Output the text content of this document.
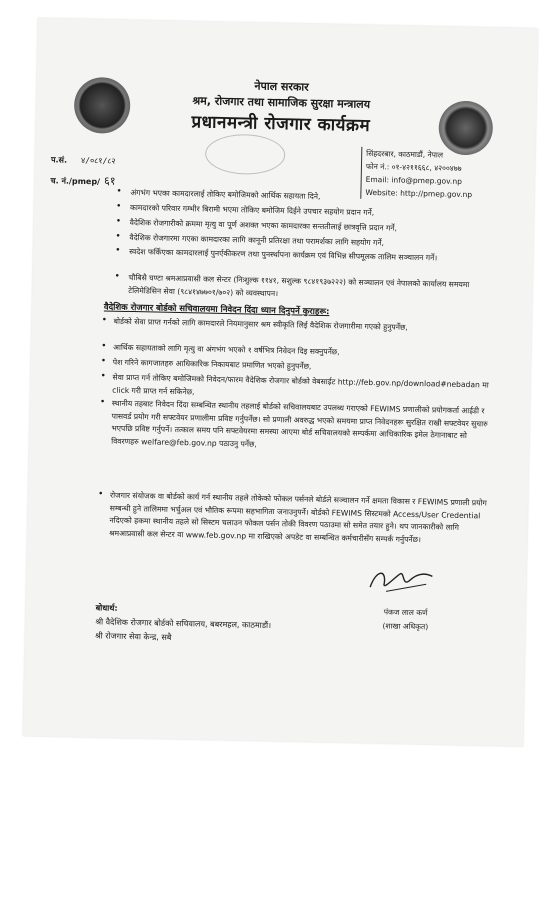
नेपाल सरकार
श्रम, रोजगार तथा सामाजिक सुरक्षा मन्त्रालय
प्रधानमन्त्री रोजगार कार्यक्रम
सिंहदरबार, काठमाडौं, नेपाल
फोन नं.: ०१-४२११६६८, ४२००४७७
Email: info@pmep.gov.np
Website: http://pmep.gov.np
प.सं. ४/०८१/८२
च. नं./pmep/ ६१
•	अंगभंग भएका कामदारलाई तोकिए बमोजिमको आर्थिक सहायता दिने,
•	कामदारको परिवार गम्भीर बिरामी भएमा तोकिए बमोजिम दिईने उपचार सहयोग प्रदान गर्ने,
•	वैदेशिक रोजगारीको क्रममा मृत्यु वा पूर्ण अशक्त भएका कामदारका सन्ततीलाई छात्रवृत्ति प्रदान गर्ने,
•	वैदेशिक रोजगारमा गएका कामदारका लागि कानूनी प्रतिरक्षा तथा परामर्शका लागि सहयोग गर्ने,
•	स्वदेश फर्किएका कामदारलाई पुनर्एकीकरण तथा पुनर्स्थापना कार्यक्रम एवं विभिन्न सीपमूलक तालिम सञ्चालन गर्ने।
•	चौबिसै घण्टा श्रमआप्रवासी कल सेन्टर (निःशुल्क ११४१, सशुल्क ९८४१९३७२२२) को सञ्चालन एवं नेपालको कार्यालय समयमा टेलिमेडिसिन सेवा (९८४१४७७०१/७०२) को व्यवस्थापन।
वैदेशिक रोजगार बोर्डको सचिवालयमा निवेदन दिंदा ध्यान दिनुपर्ने कुराहरू:
• बोर्डको सेवा प्राप्त गर्नको लागि कामदारले नियमानुसार श्रम स्वीकृति लिई वैदेशिक रोजगारीमा गएको हुनुपर्नेछ,
• आर्थिक सहायताको लागि मृत्यु वा अंगभंग भएको १ वर्षभित्र निवेदन दिइ सक्नुपर्नेछ,
• पेश गरिने कागजातहरु आधिकारिक निकायबाट प्रमाणित भएको हुनुपर्नेछ,
• सेवा प्राप्त गर्न तोकिए बमोजिमको निवेदन/फारम वैदेशिक रोजगार बोर्डको वेबसाईट http://feb.gov.np/download#nebadan मा click गरी प्राप्त गर्न सकिनेछ,
• स्थानीय तहबाट निवेदन दिंदा सम्बन्धित स्थानीय तहलाई बोर्डको सचिवालयबाट उपलब्ध गराएको FEWIMS प्रणालीको प्रयोगकर्ता आईडी र पासवर्ड प्रयोग गरी सफ्टवेयर प्रणालीमा प्रविष्ट गर्नुपर्नेछ। सो प्रणाली अवरुद्ध भएको समयमा प्राप्त निवेदनहरू सुरक्षित राखी सफ्टवेयर सुचारु भएपछि प्रविष्ट गर्नुपर्ने। तत्काल समय पनि सफ्टवेयरमा समस्या आएमा बोर्ड सचिवालयको सम्पर्कमा आधिकारिक इमेल ठेगानाबाट सो विवरणहरु welfare@feb.gov.np पठाउनु पर्नेछ,
• रोजगार संयोजक वा बोर्डको कार्य गर्न स्थानीय तहले तोकेको फोकल पर्सनले बोर्डले सञ्चालन गर्ने क्षमता विकास र FEWIMS प्रणाली प्रयोग सम्बन्धी हुने तालिममा भर्चुअल एवं भौतिक रूपमा सहभागिता जनाउनुपर्ने। बोर्डको FEWIMS सिस्टमको Access/User Credential नदिएको हकमा स्थानीय तहले सो सिस्टम चलाउन फोकल पर्सन तोकी विवरण पठाउमा सो समेत तयार हुने। थप जानकारीको लागि श्रमआप्रवासी कल सेन्टर वा www.feb.gov.np मा राखिएको अपडेट वा सम्बन्धित कर्मचारीसँग सम्पर्क गर्नुपर्नेछ।
पंकज लाल कर्ण
(शाखा अधिकृत)
बोधार्थ:
श्री वैदेशिक रोजगार बोर्डको सचिवालय, बबरमहल, काठमाडौं।
श्री रोजगार सेवा केन्द्र, सबै
